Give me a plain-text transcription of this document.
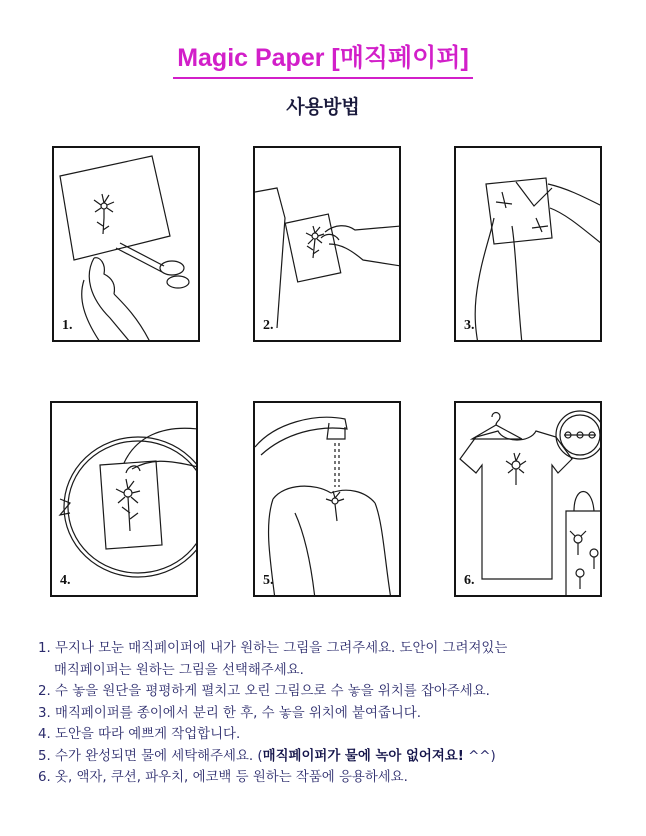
Magic Paper [매직페이퍼]
사용방법
1.	2.	3.
4.	5.	6.
1. 무지나 모눈 매직페이퍼에 내가 원하는 그림을 그려주세요. 도안이 그려져있는
매직페이퍼는 원하는 그림을 선택해주세요.
2. 수 놓을 원단을 평평하게 펼치고 오린 그림으로 수 놓을 위치를 잡아주세요.
3. 매직페이퍼를 종이에서 분리 한 후, 수 놓을 위치에 붙여줍니다.
4. 도안을 따라 예쁘게 작업합니다.
5. 수가 완성되면 물에 세탁해주세요. (매직페이퍼가 물에 녹아 없어져요! ^^)
6. 옷, 액자, 쿠션, 파우치, 에코백 등 원하는 작품에 응용하세요.
